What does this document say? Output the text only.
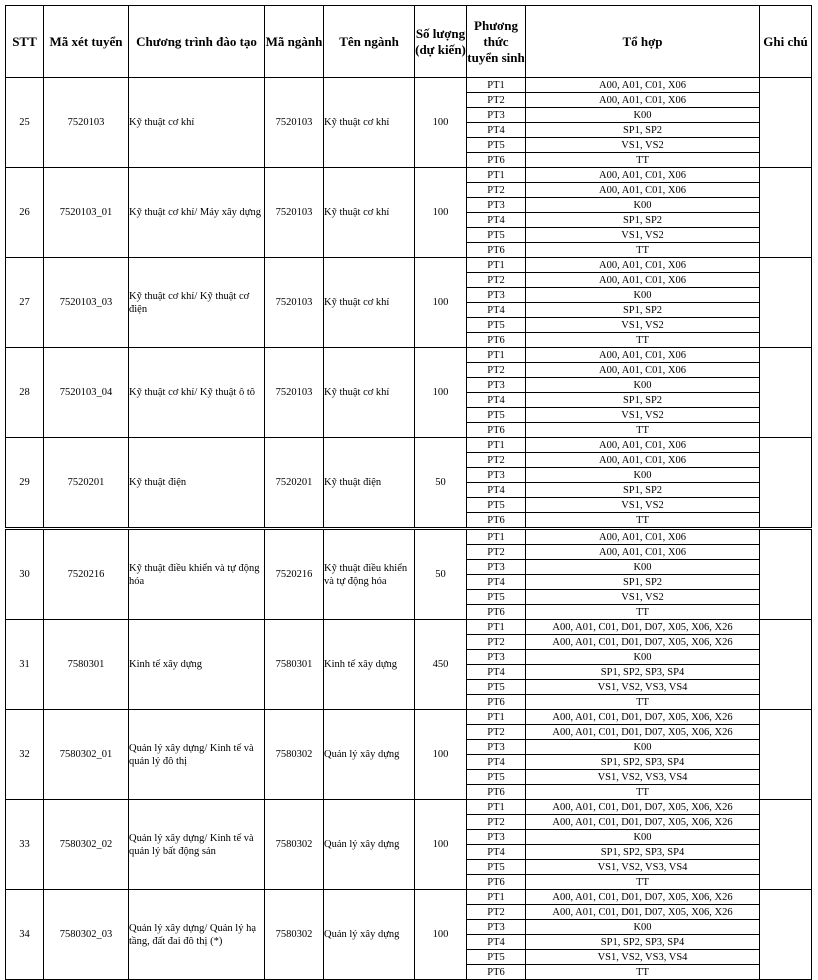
STT	Mã xét tuyển	Chương trình đào tạo	Mã ngành	Tên ngành	Số lượng (dự kiến)	Phương thức tuyển sinh	Tổ hợp	Ghi chú
25	7520103	Kỹ thuật cơ khí	7520103	Kỹ thuật cơ khí	100	PT1	A00, A01, C01, X06	
						PT2	A00, A01, C01, X06	
						PT3	K00	
						PT4	SP1, SP2	
						PT5	VS1, VS2	
						PT6	TT	
26	7520103_01	Kỹ thuật cơ khí/ Máy xây dựng	7520103	Kỹ thuật cơ khí	100	PT1	A00, A01, C01, X06	
						PT2	A00, A01, C01, X06	
						PT3	K00	
						PT4	SP1, SP2	
						PT5	VS1, VS2	
						PT6	TT	
27	7520103_03	Kỹ thuật cơ khí/ Kỹ thuật cơ điện	7520103	Kỹ thuật cơ khí	100	PT1	A00, A01, C01, X06	
						PT2	A00, A01, C01, X06	
						PT3	K00	
						PT4	SP1, SP2	
						PT5	VS1, VS2	
						PT6	TT	
28	7520103_04	Kỹ thuật cơ khí/ Kỹ thuật ô tô	7520103	Kỹ thuật cơ khí	100	PT1	A00, A01, C01, X06	
						PT2	A00, A01, C01, X06	
						PT3	K00	
						PT4	SP1, SP2	
						PT5	VS1, VS2	
						PT6	TT	
29	7520201	Kỹ thuật điện	7520201	Kỹ thuật điện	50	PT1	A00, A01, C01, X06	
						PT2	A00, A01, C01, X06	
						PT3	K00	
						PT4	SP1, SP2	
						PT5	VS1, VS2	
						PT6	TT	
30	7520216	Kỹ thuật điều khiển và tự động hóa	7520216	Kỹ thuật điều khiển và tự động hóa	50	PT1	A00, A01, C01, X06	
						PT2	A00, A01, C01, X06	
						PT3	K00	
						PT4	SP1, SP2	
						PT5	VS1, VS2	
						PT6	TT	
31	7580301	Kinh tế xây dựng	7580301	Kinh tế xây dựng	450	PT1	A00, A01, C01, D01, D07, X05, X06, X26	
						PT2	A00, A01, C01, D01, D07, X05, X06, X26	
						PT3	K00	
						PT4	SP1, SP2, SP3, SP4	
						PT5	VS1, VS2, VS3, VS4	
						PT6	TT	
32	7580302_01	Quản lý xây dựng/ Kinh tế và quản lý đô thị	7580302	Quản lý xây dựng	100	PT1	A00, A01, C01, D01, D07, X05, X06, X26	
						PT2	A00, A01, C01, D01, D07, X05, X06, X26	
						PT3	K00	
						PT4	SP1, SP2, SP3, SP4	
						PT5	VS1, VS2, VS3, VS4	
						PT6	TT	
33	7580302_02	Quản lý xây dựng/ Kinh tế và quản lý bất động sản	7580302	Quản lý xây dựng	100	PT1	A00, A01, C01, D01, D07, X05, X06, X26	
						PT2	A00, A01, C01, D01, D07, X05, X06, X26	
						PT3	K00	
						PT4	SP1, SP2, SP3, SP4	
						PT5	VS1, VS2, VS3, VS4	
						PT6	TT	
34	7580302_03	Quản lý xây dựng/ Quản lý hạ tầng, đất đai đô thị (*)	7580302	Quản lý xây dựng	100	PT1	A00, A01, C01, D01, D07, X05, X06, X26	
						PT2	A00, A01, C01, D01, D07, X05, X06, X26	
						PT3	K00	
						PT4	SP1, SP2, SP3, SP4	
						PT5	VS1, VS2, VS3, VS4	
						PT6	TT	
